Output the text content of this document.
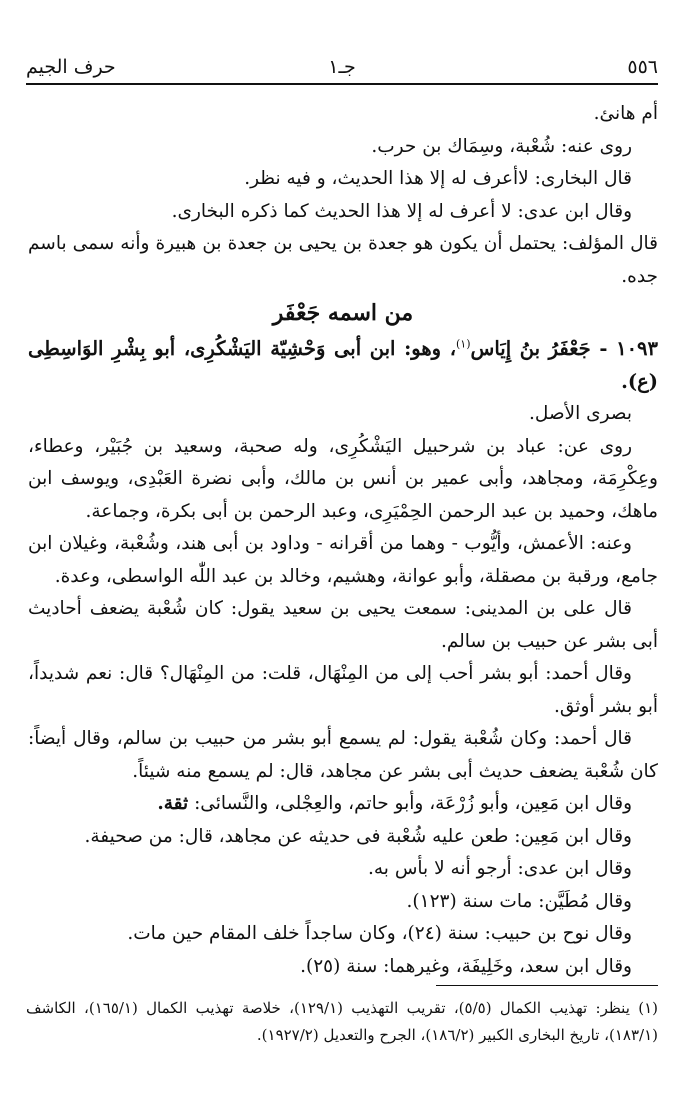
٥٥٦
جـ١
حرف الجيم

أم هانئ.

روى عنه: شُعْبة، وسِمَاك بن حرب.

قال البخارى: لاأعرف له إلا هذا الحديث، و فيه نظر.

وقال ابن عدى: لا أعرف له إلا هذا الحديث كما ذكره البخارى.

قال المؤلف: يحتمل أن يكون هو جعدة بن يحيى بن جعدة بن هبيرة وأنه سمى باسم جده.

من اسمه جَعْفَر

١٠٩٣ - جَعْفَرُ بنُ إِيَاس$^{(١)}$، وهو: ابن أبى وَحْشِيّة اليَشْكُرِى، أبو بِشْرِ الوَاسِطِى (ع).

بصرى الأصل.

روى عن: عباد بن شرحبيل اليَشْكُرِى، وله صحبة، وسعيد بن جُبَيْر، وعطاء، وعِكْرِمَة، ومجاهد، وأبى عمير بن أنس بن مالك، وأبى نضرة العَبْدِى، ويوسف ابن ماهك، وحميد بن عبد الرحمن الحِمْيَرِى، وعبد الرحمن بن أبى بكرة، وجماعة.

وعنه: الأعمش، وأيُّوب - وهما من أقرانه - وداود بن أبى هند، وشُعْبة، وغيلان ابن جامع، ورقبة بن مصقلة، وأبو عوانة، وهشيم، وخالد بن عبد اللّٰه الواسطى، وعدة.

قال على بن المدينى: سمعت يحيى بن سعيد يقول: كان شُعْبة يضعف أحاديث أبى بشر عن حبيب بن سالم.

وقال أحمد: أبو بشر أحب إلى من المِنْهَال، قلت: من المِنْهَال؟ قال: نعم شديداً، أبو بشر أوثق.

قال أحمد: وكان شُعْبة يقول: لم يسمع أبو بشر من حبيب بن سالم، وقال أيضاً: كان شُعْبة يضعف حديث أبى بشر عن مجاهد، قال: لم يسمع منه شيئاً.

وقال ابن مَعِين، وأبو زُرْعَة، وأبو حاتم، والعِجْلى، والنَّسائى: ثقة.

وقال ابن مَعِين: طعن عليه شُعْبة فى حديثه عن مجاهد، قال: من صحيفة.

وقال ابن عدى: أرجو أنه لا بأس به.

وقال مُطَيَّن: مات سنة (١٢٣).

وقال نوح بن حبيب: سنة (٢٤)، وكان ساجداً خلف المقام حين مات.

وقال ابن سعد، وخَلِيفَة، وغيرهما: سنة (٢٥).

(١) ينظر: تهذيب الكمال (٥/٥)، تقريب التهذيب (١٢٩/١)، خلاصة تهذيب الكمال (١٦٥/١)، الكاشف (١٨٣/١)، تاريخ البخارى الكبير (١٨٦/٢)، الجرح والتعديل (١٩٢٧/٢).
